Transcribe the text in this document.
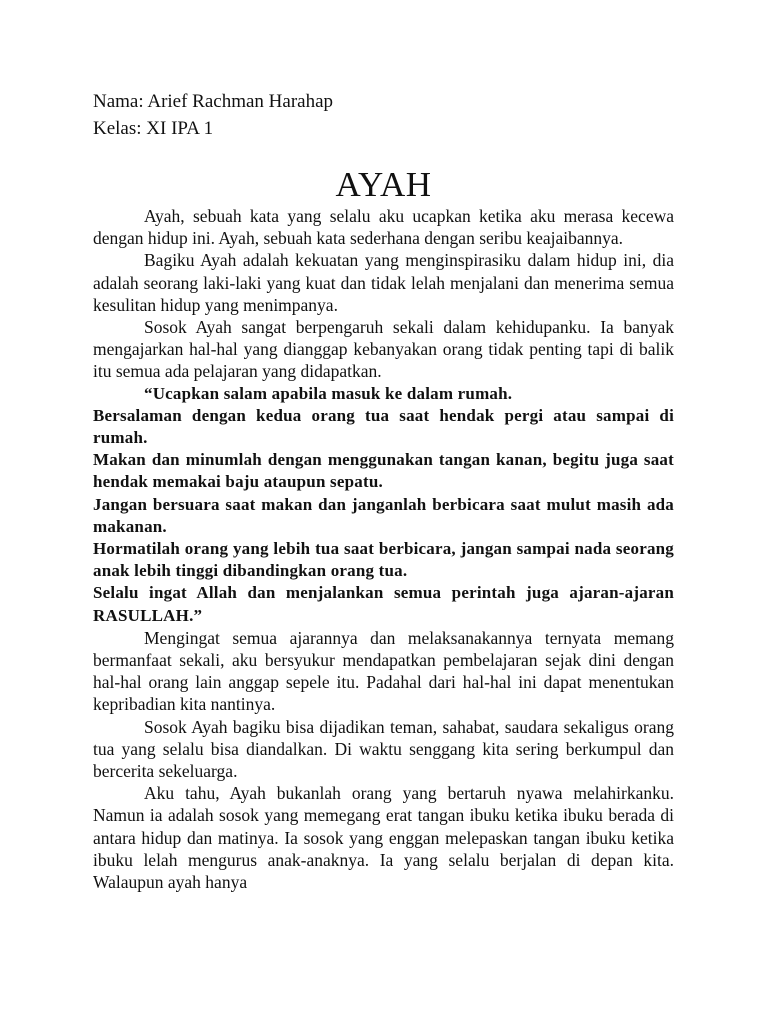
Nama: Arief Rachman Harahap
Kelas: XI IPA 1
AYAH

Ayah, sebuah kata yang selalu aku ucapkan ketika aku merasa kecewa dengan hidup ini. Ayah, sebuah kata sederhana dengan seribu keajaibannya.

Bagiku Ayah adalah kekuatan yang menginspirasiku dalam hidup ini, dia adalah seorang laki-laki yang kuat dan tidak lelah menjalani dan menerima semua kesulitan hidup yang menimpanya.

Sosok Ayah sangat berpengaruh sekali dalam kehidupanku. Ia banyak mengajarkan hal-hal yang dianggap kebanyakan orang tidak penting tapi di balik itu semua ada pelajaran yang didapatkan.

“Ucapkan salam apabila masuk ke dalam rumah.

Bersalaman dengan kedua orang tua saat hendak pergi atau sampai di rumah.

Makan dan minumlah dengan menggunakan tangan kanan, begitu juga saat hendak memakai baju ataupun sepatu.

Jangan bersuara saat makan dan janganlah berbicara saat mulut masih ada makanan.

Hormatilah orang yang lebih tua saat berbicara, jangan sampai nada seorang anak lebih tinggi dibandingkan orang tua.

Selalu ingat Allah dan menjalankan semua perintah juga ajaran-ajaran RASULLAH.”

Mengingat semua ajarannya dan melaksanakannya ternyata memang bermanfaat sekali, aku bersyukur mendapatkan pembelajaran sejak dini dengan hal-hal orang lain anggap sepele itu. Padahal dari hal-hal ini dapat menentukan kepribadian kita nantinya.

Sosok Ayah bagiku bisa dijadikan teman, sahabat, saudara sekaligus orang tua yang selalu bisa diandalkan. Di waktu senggang kita sering berkumpul dan bercerita sekeluarga.

Aku tahu, Ayah bukanlah orang yang bertaruh nyawa melahirkanku. Namun ia adalah sosok yang memegang erat tangan ibuku ketika ibuku berada di antara hidup dan matinya. Ia sosok yang enggan melepaskan tangan ibuku ketika ibuku lelah mengurus anak-anaknya. Ia yang selalu berjalan di depan kita. Walaupun ayah hanya
